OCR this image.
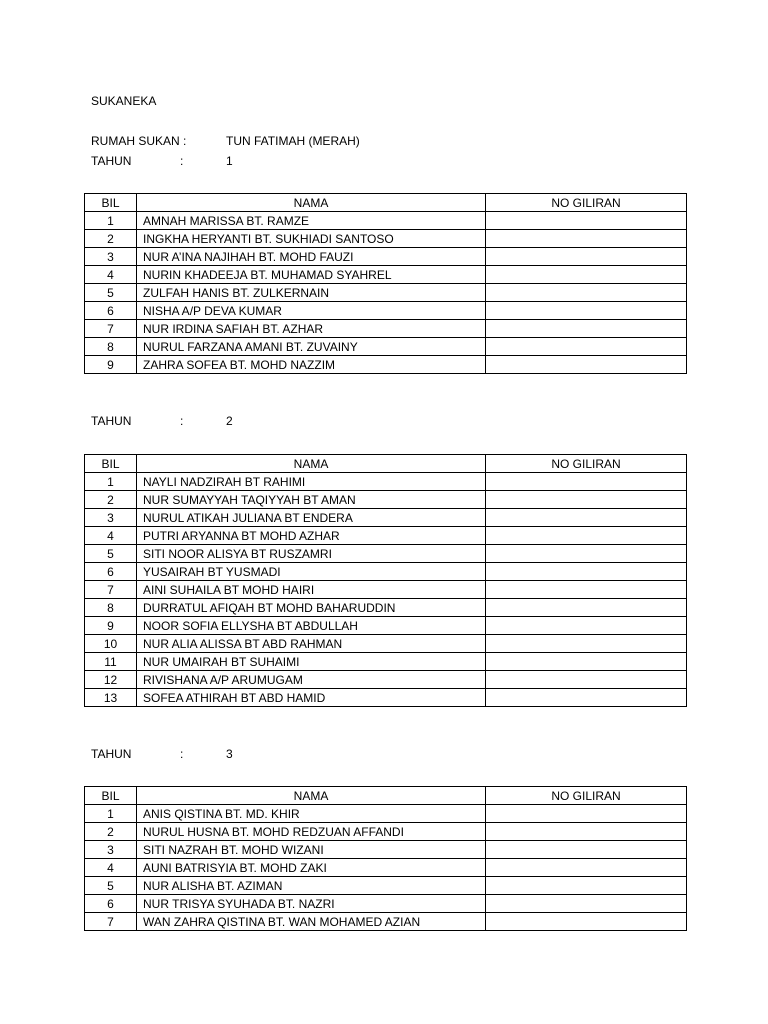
SUKANEKA
RUMAH SUKAN :	TUN FATIMAH (MERAH)
TAHUN	:	1
BIL	NAMA	NO GILIRAN
1	AMNAH MARISSA BT. RAMZE	
2	INGKHA HERYANTI BT. SUKHIADI SANTOSO	
3	NUR A’INA NAJIHAH BT. MOHD FAUZI	
4	NURIN KHADEEJA BT. MUHAMAD SYAHREL	
5	ZULFAH HANIS BT. ZULKERNAIN	
6	NISHA A/P DEVA KUMAR	
7	NUR IRDINA SAFIAH BT. AZHAR	
8	NURUL FARZANA AMANI BT. ZUVAINY	
9	ZAHRA SOFEA BT. MOHD NAZZIM	
TAHUN	:	2
BIL	NAMA	NO GILIRAN
1	NAYLI NADZIRAH BT RAHIMI	
2	NUR SUMAYYAH TAQIYYAH BT AMAN	
3	NURUL ATIKAH JULIANA BT ENDERA	
4	PUTRI ARYANNA BT MOHD AZHAR	
5	SITI NOOR ALISYA BT RUSZAMRI	
6	YUSAIRAH BT YUSMADI	
7	AINI SUHAILA BT MOHD HAIRI	
8	DURRATUL AFIQAH BT MOHD BAHARUDDIN	
9	NOOR SOFIA ELLYSHA BT ABDULLAH	
10	NUR ALIA ALISSA BT ABD RAHMAN	
11	NUR UMAIRAH BT SUHAIMI	
12	RIVISHANA A/P ARUMUGAM	
13	SOFEA ATHIRAH BT ABD HAMID	
TAHUN	:	3
BIL	NAMA	NO GILIRAN
1	ANIS QISTINA BT. MD. KHIR	
2	NURUL HUSNA BT. MOHD REDZUAN AFFANDI	
3	SITI NAZRAH BT. MOHD WIZANI	
4	AUNI BATRISYIA BT. MOHD ZAKI	
5	NUR ALISHA BT. AZIMAN	
6	NUR TRISYA SYUHADA BT. NAZRI	
7	WAN ZAHRA QISTINA BT. WAN MOHAMED AZIAN	
